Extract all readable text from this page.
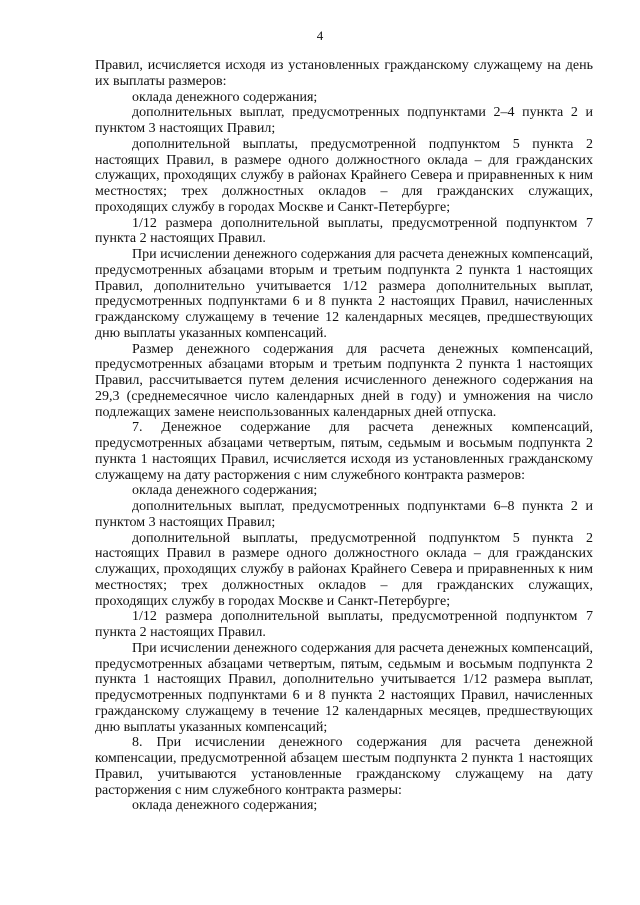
4

Правил, исчисляется исходя из установленных гражданскому служащему на день их выплаты размеров:

оклада денежного содержания;

дополнительных выплат, предусмотренных подпунктами 2–4 пункта 2 и пунктом 3 настоящих Правил;

дополнительной выплаты, предусмотренной подпунктом 5 пункта 2 настоящих Правил, в размере одного должностного оклада – для гражданских служащих, проходящих службу в районах Крайнего Севера и приравненных к ним местностях; трех должностных окладов – для гражданских служащих, проходящих службу в городах Москве и Санкт-Петербурге;

1/12 размера дополнительной выплаты, предусмотренной подпунктом 7 пункта 2 настоящих Правил.

При исчислении денежного содержания для расчета денежных компенсаций, предусмотренных абзацами вторым и третьим подпункта 2 пункта 1 настоящих Правил, дополнительно учитывается 1/12 размера дополнительных выплат, предусмотренных подпунктами 6 и 8 пункта 2 настоящих Правил, начисленных гражданскому служащему в течение 12 календарных месяцев, предшествующих дню выплаты указанных компенсаций.

Размер денежного содержания для расчета денежных компенсаций, предусмотренных абзацами вторым и третьим подпункта 2 пункта 1 настоящих Правил, рассчитывается путем деления исчисленного денежного содержания на 29,3 (среднемесячное число календарных дней в году) и умножения на число подлежащих замене неиспользованных календарных дней отпуска.

7. Денежное содержание для расчета денежных компенсаций, предусмотренных абзацами четвертым, пятым, седьмым и восьмым подпункта 2 пункта 1 настоящих Правил, исчисляется исходя из установленных гражданскому служащему на дату расторжения с ним служебного контракта размеров:

оклада денежного содержания;

дополнительных выплат, предусмотренных подпунктами 6–8 пункта 2 и пунктом 3 настоящих Правил;

дополнительной выплаты, предусмотренной подпунктом 5 пункта 2 настоящих Правил в размере одного должностного оклада – для гражданских служащих, проходящих службу в районах Крайнего Севера и приравненных к ним местностях; трех должностных окладов – для гражданских служащих, проходящих службу в городах Москве и Санкт-Петербурге;

1/12 размера дополнительной выплаты, предусмотренной подпунктом 7 пункта 2 настоящих Правил.

При исчислении денежного содержания для расчета денежных компенсаций, предусмотренных абзацами четвертым, пятым, седьмым и восьмым подпункта 2 пункта 1 настоящих Правил, дополнительно учитывается 1/12 размера выплат, предусмотренных подпунктами 6 и 8 пункта 2 настоящих Правил, начисленных гражданскому служащему в течение 12 календарных месяцев, предшествующих дню выплаты указанных компенсаций;

8. При исчислении денежного содержания для расчета денежной компенсации, предусмотренной абзацем шестым подпункта 2 пункта 1 настоящих Правил, учитываются установленные гражданскому служащему на дату расторжения с ним служебного контракта размеры:

оклада денежного содержания;
